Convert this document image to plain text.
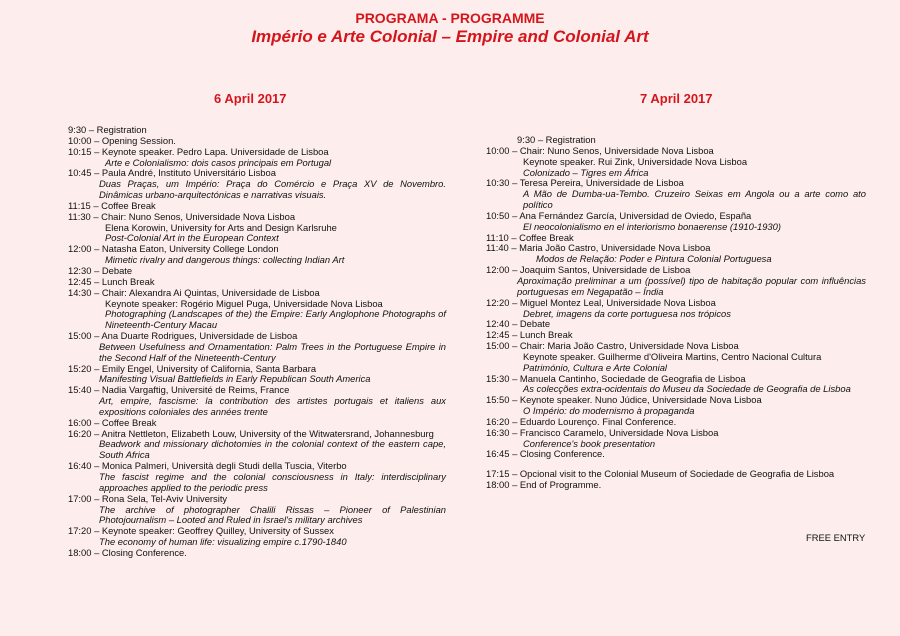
PROGRAMA - PROGRAMME
Império e Arte Colonial – Empire and Colonial Art
6 April 2017	7 April 2017
9:30 – Registration
10:00 – Opening Session.
10:15 – Keynote speaker. Pedro Lapa. Universidade de Lisboa
Arte e Colonialismo: dois casos principais em Portugal
10:45 – Paula André, Instituto Universitário Lisboa
Duas Praças, um Império: Praça do Comércio e Praça XV de Novembro. Dinâmicas urbano-arquitectónicas e narrativas visuais.
11:15 – Coffee Break
11:30 – Chair: Nuno Senos, Universidade Nova Lisboa
Elena Korowin, University for Arts and Design Karlsruhe
Post-Colonial Art in the European Context
12:00 – Natasha Eaton, University College London
Mimetic rivalry and dangerous things: collecting Indian Art
12:30 – Debate
12:45 – Lunch Break
14:30 – Chair: Alexandra Ai Quintas, Universidade de Lisboa
Keynote speaker: Rogério Miguel Puga, Universidade Nova Lisboa
Photographing (Landscapes of the) the Empire: Early Anglophone Photographs of Nineteenth-Century Macau
15:00 – Ana Duarte Rodrigues, Universidade de Lisboa
Between Usefulness and Ornamentation: Palm Trees in the Portuguese Empire in the Second Half of the Nineteenth-Century
15:20 – Emily Engel, University of California, Santa Barbara
Manifesting Visual Battlefields in Early Republican South America
15:40 – Nadia Vargaftig, Université de Reims, France
Art, empire, fascisme: la contribution des artistes portugais et italiens aux expositions coloniales des années trente
16:00 – Coffee Break
16:20 – Anitra Nettleton, Elizabeth Louw, University of the Witwatersrand, Johannesburg
Beadwork and missionary dichotomies in the colonial context of the eastern cape, South Africa
16:40 – Monica Palmeri, Università degli Studi della Tuscia, Viterbo
The fascist regime and the colonial consciousness in Italy: interdisciplinary approaches applied to the periodic press
17:00 – Rona Sela, Tel-Aviv University
The archive of photographer Chalili Rissas – Pioneer of Palestinian Photojournalism – Looted and Ruled in Israel's military archives
17:20 – Keynote speaker: Geoffrey Quilley, University of Sussex
The economy of human life: visualizing empire c.1790-1840
18:00 – Closing Conference.
9:30 – Registration
10:00 – Chair: Nuno Senos, Universidade Nova Lisboa
Keynote speaker. Rui Zink, Universidade Nova Lisboa
Colonizado – Tigres em África
10:30 – Teresa Pereira, Universidade de Lisboa
A Mão de Dumba-ua-Tembo. Cruzeiro Seixas em Angola ou a arte como ato político
10:50 – Ana Fernández García, Universidad de Oviedo, España
El neocolonialismo en el interiorismo bonaerense (1910-1930)
11:10 – Coffee Break
11:40 – Maria João Castro, Universidade Nova Lisboa
Modos de Relação: Poder e Pintura Colonial Portuguesa
12:00 – Joaquim Santos, Universidade de Lisboa
Aproximação preliminar a um (possível) tipo de habitação popular com influências portuguesas em Negapatão – Índia
12:20 – Miguel Montez Leal, Universidade Nova Lisboa
Debret, imagens da corte portuguesa nos trópicos
12:40 – Debate
12:45 – Lunch Break
15:00 – Chair: Maria João Castro, Universidade Nova Lisboa
Keynote speaker. Guilherme d'Oliveira Martins, Centro Nacional Cultura
Património, Cultura e Arte Colonial
15:30 – Manuela Cantinho, Sociedade de Geografia de Lisboa
As colecções extra-ocidentais do Museu da Sociedade de Geografia de Lisboa
15:50 – Keynote speaker. Nuno Júdice, Universidade Nova Lisboa
O Império: do modernismo à propaganda
16:20 – Eduardo Lourenço. Final Conference.
16:30 – Francisco Caramelo, Universidade Nova Lisboa
Conference's book presentation
16:45 – Closing Conference.
17:15 – Opcional visit to the Colonial Museum of Sociedade de Geografia de Lisboa
18:00 – End of Programme.
FREE ENTRY
